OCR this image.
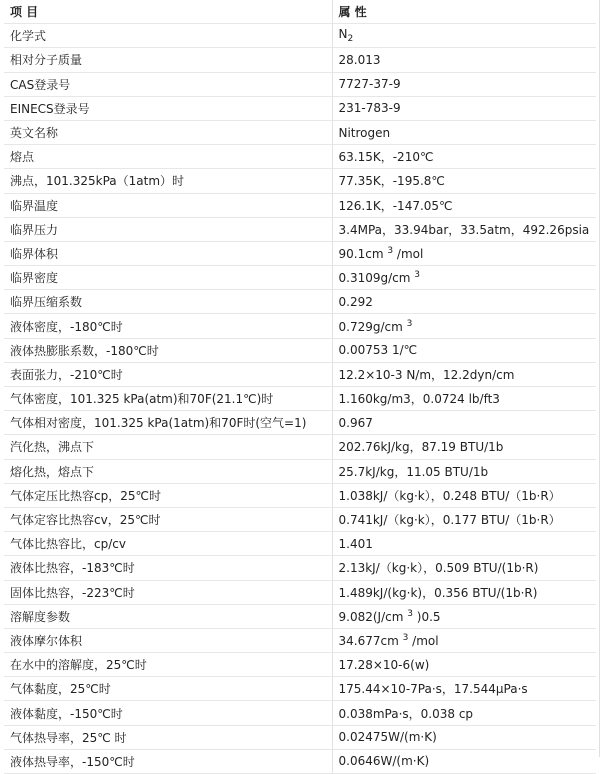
项 目	属 性
化学式	$N_2$
相对分子质量	28.013
CAS登录号	7727-37-9
EINECS登录号	231-783-9
英文名称	Nitrogen
熔点	63.15K，-210℃
沸点，101.325kPa（1atm）时	77.35K，-195.8℃
临界温度	126.1K，-147.05℃
临界压力	3.4MPa，33.94bar，33.5atm，492.26psia
临界体积	90.1cm $^3$ /mol
临界密度	0.3109g/cm $^3$
临界压缩系数	0.292
液体密度，-180℃时	0.729g/cm $^3$
液体热膨胀系数，-180℃时	0.00753 1/℃
表面张力，-210℃时	12.2×10-3 N/m，12.2dyn/cm
气体密度，101.325 kPa(atm)和70F(21.1℃)时	1.160kg/m3，0.0724 lb/ft3
气体相对密度，101.325 kPa(1atm)和70F时(空气=1)	0.967
汽化热，沸点下	202.76kJ/kg，87.19 BTU/1b
熔化热，熔点下	25.7kJ/kg，11.05 BTU/1b
气体定压比热容cp，25℃时	1.038kJ/（kg·k），0.248 BTU/（1b·R）
气体定容比热容cv，25℃时	0.741kJ/（kg·k），0.177 BTU/（1b·R）
气体比热容比，cp/cv	1.401
液体比热容，-183℃时	2.13kJ/（kg·k），0.509 BTU/(1b·R)
固体比热容，-223℃时	1.489kJ/(kg·k)，0.356 BTU/(1b·R)
溶解度参数	9.082(J/cm $^3$ )0.5
液体摩尔体积	34.677cm $^3$ /mol
在水中的溶解度，25℃时	17.28×10-6(w)
气体黏度，25℃时	175.44×10-7Pa·s，17.544μPa·s
液体黏度，-150℃时	0.038mPa·s，0.038 cp
气体热导率，25℃ 时	0.02475W/(m·K)
液体热导率，-150℃时	0.0646W/(m·K)
